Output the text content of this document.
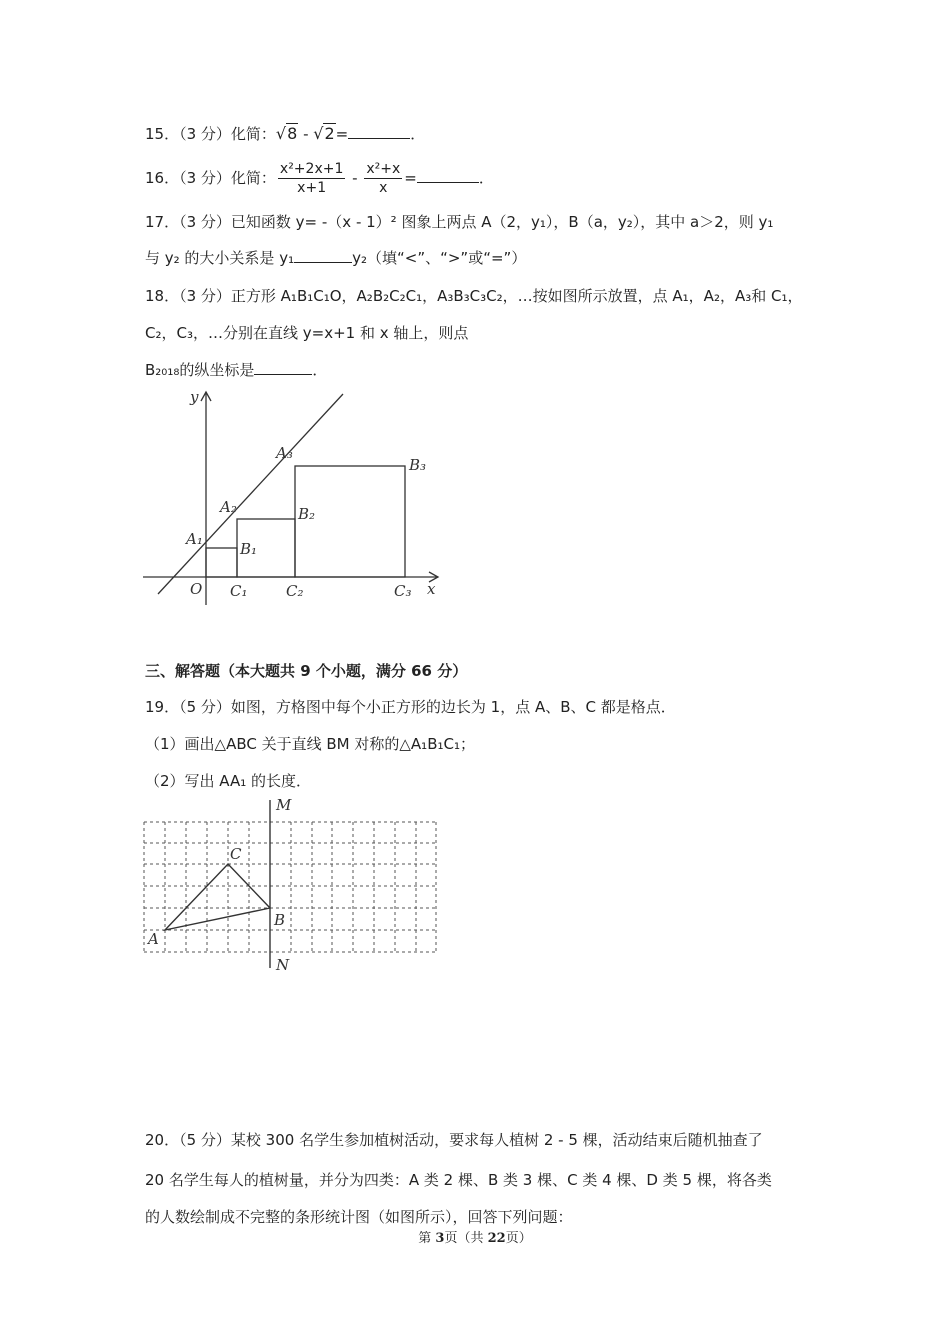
15．（3 分）化简：√8 - √2=	．
16．（3 分）化简： $\frac{\text{x²+2x+1}}{x+1} - \frac{\text{x²+x}}{x}$ =	．
17．（3 分）已知函数 y= -（x - 1）² 图象上两点 A（2，y₁），B（a，y₂），其中 a＞2，则 y₁
与 y₂ 的大小关系是 y₁	y₂（填“<”、“>”或“=”）
18．（3 分）正方形 A₁B₁C₁O，A₂B₂C₂C₁，A₃B₃C₃C₂，…按如图所示放置，点 A₁，A₂，A₃和 C₁，
C₂，C₃，…分别在直线 y=x+1 和 x 轴上，则点
B₂₀₁₈的纵坐标是	．
y
x
O
A₁
A₂
A₃
B₁
B₂
B₃
C₁	C₂	C₃
三、解答题（本大题共 9 个小题，满分 66 分）
19．（5 分）如图，方格图中每个小正方形的边长为 1，点 A、B、C 都是格点．
（1）画出△ABC 关于直线 BM 对称的△A₁B₁C₁；
（2）写出 AA₁ 的长度．
M
N
A
B
C
20．（5 分）某校 300 名学生参加植树活动，要求每人植树 2 - 5 棵，活动结束后随机抽查了
20 名学生每人的植树量，并分为四类：A 类 2 棵、B 类 3 棵、C 类 4 棵、D 类 5 棵，将各类
的人数绘制成不完整的条形统计图（如图所示），回答下列问题：
第 3页（共 22页）
